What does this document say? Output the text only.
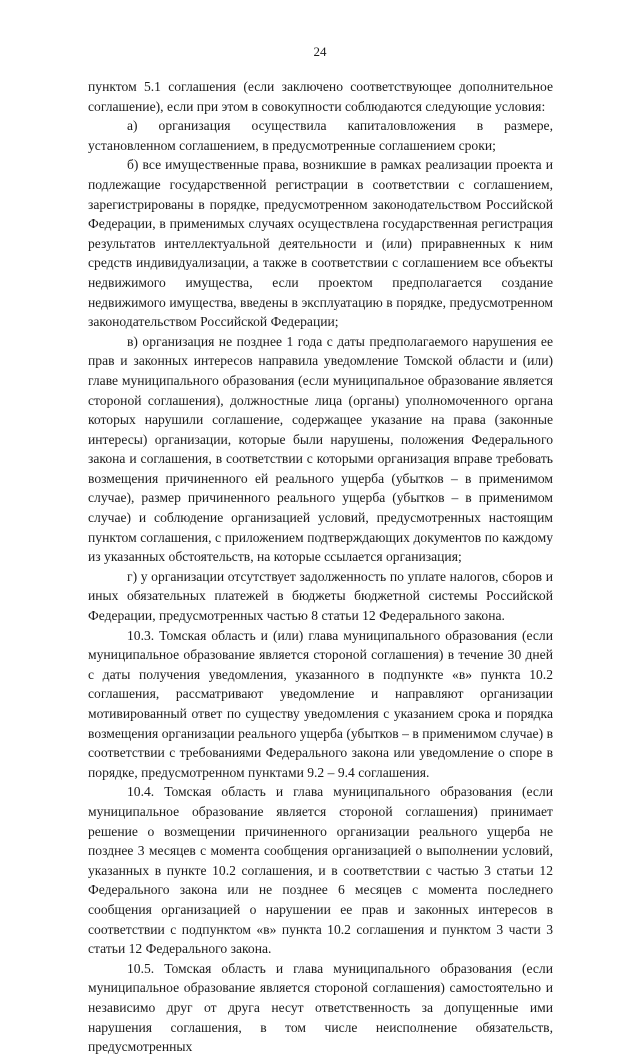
24

пунктом 5.1 соглашения (если заключено соответствующее дополнительное соглашение), если при этом в совокупности соблюдаются следующие условия:

а) организация осуществила капиталовложения в размере, установленном соглашением, в предусмотренные соглашением сроки;

б) все имущественные права, возникшие в рамках реализации проекта и подлежащие государственной регистрации в соответствии с соглашением, зарегистрированы в порядке, предусмотренном законодательством Российской Федерации, в применимых случаях осуществлена государственная регистрация результатов интеллектуальной деятельности и (или) приравненных к ним средств индивидуализации, а также в соответствии с соглашением все объекты недвижимого имущества, если проектом предполагается создание недвижимого имущества, введены в эксплуатацию в порядке, предусмотренном законодательством Российской Федерации;

в) организация не позднее 1 года с даты предполагаемого нарушения ее прав и законных интересов направила уведомление Томской области и (или) главе муниципального образования (если муниципальное образование является стороной соглашения), должностные лица (органы) уполномоченного органа которых нарушили соглашение, содержащее указание на права (законные интересы) организации, которые были нарушены, положения Федерального закона и соглашения, в соответствии с которыми организация вправе требовать возмещения причиненного ей реального ущерба (убытков – в применимом случае), размер причиненного реального ущерба (убытков – в применимом случае) и соблюдение организацией условий, предусмотренных настоящим пунктом соглашения, с приложением подтверждающих документов по каждому из указанных обстоятельств, на которые ссылается организация;

г) у организации отсутствует задолженность по уплате налогов, сборов и иных обязательных платежей в бюджеты бюджетной системы Российской Федерации, предусмотренных частью 8 статьи 12 Федерального закона.

10.3. Томская область и (или) глава муниципального образования (если муниципальное образование является стороной соглашения) в течение 30 дней с даты получения уведомления, указанного в подпункте «в» пункта 10.2 соглашения, рассматривают уведомление и направляют организации мотивированный ответ по существу уведомления с указанием срока и порядка возмещения организации реального ущерба (убытков – в применимом случае) в соответствии с требованиями Федерального закона или уведомление о споре в порядке, предусмотренном пунктами 9.2 – 9.4 соглашения.

10.4. Томская область и глава муниципального образования (если муниципальное образование является стороной соглашения) принимает решение о возмещении причиненного организации реального ущерба не позднее 3 месяцев с момента сообщения организацией о выполнении условий, указанных в пункте 10.2 соглашения, и в соответствии с частью 3 статьи 12 Федерального закона или не позднее 6 месяцев с момента последнего сообщения организацией о нарушении ее прав и законных интересов в соответствии с подпунктом «в» пункта 10.2 соглашения и пунктом 3 части 3 статьи 12 Федерального закона.

10.5. Томская область и глава муниципального образования (если муниципальное образование является стороной соглашения) самостоятельно и независимо друг от друга несут ответственность за допущенные ими нарушения соглашения, в том числе неисполнение обязательств, предусмотренных
